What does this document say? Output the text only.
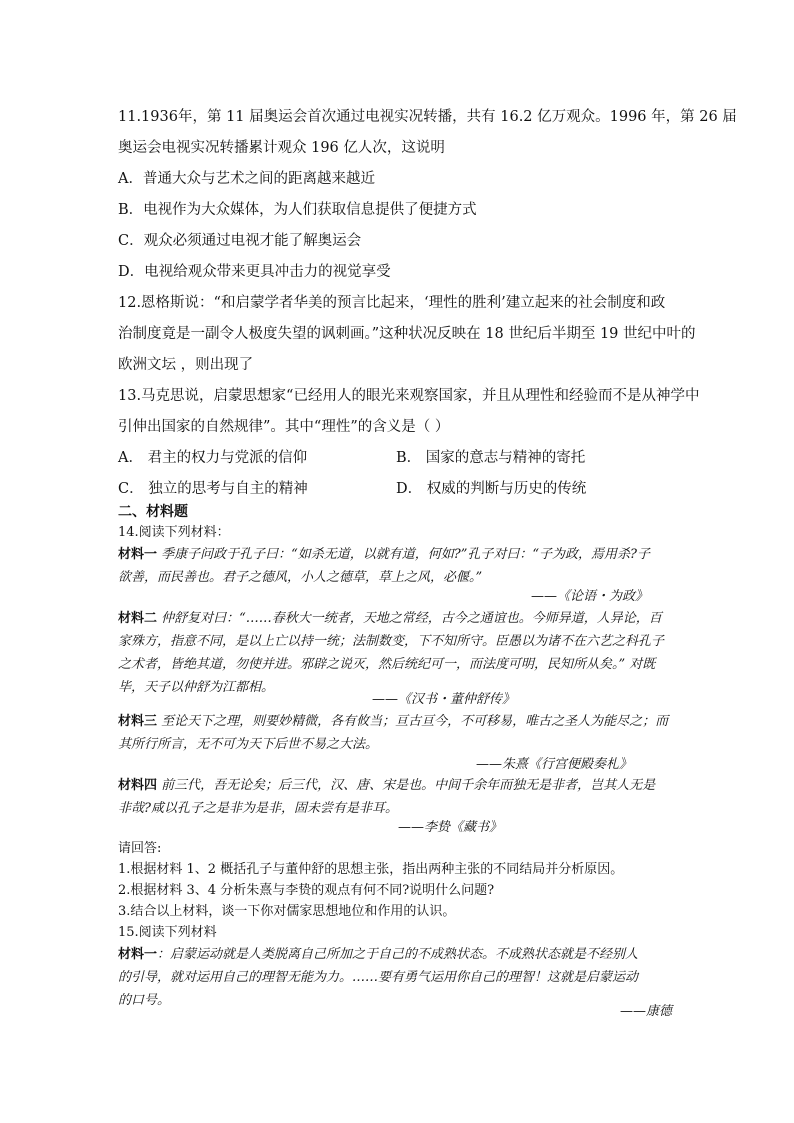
11.1936年，第 11 届奥运会首次通过电视实况转播，共有 16.2 亿万观众。1996 年，第 26 届
奥运会电视实况转播累计观众 196 亿人次，这说明
A．普通大众与艺术之间的距离越来越近
B．电视作为大众媒体，为人们获取信息提供了便捷方式
C．观众必须通过电视才能了解奥运会
D．电视给观众带来更具冲击力的视觉享受
12.恩格斯说：“和启蒙学者华美的预言比起来，‘理性的胜利’建立起来的社会制度和政
治制度竟是一副令人极度失望的讽刺画。”这种状况反映在 18 世纪后半期至 19 世纪中叶的
欧洲文坛 ，则出现了
13.马克思说，启蒙思想家“已经用人的眼光来观察国家，并且从理性和经验而不是从神学中
引伸出国家的自然规律”。其中“理性”的含义是（ ）
A． 君主的权力与党派的信仰	B． 国家的意志与精神的寄托
C． 独立的思考与自主的精神	D． 权威的判断与历史的传统
二、材料题
14.阅读下列材料：
材料一 季康子问政于孔子曰：“如杀无道，以就有道，何如?”孔子对曰：“子为政，焉用杀?子
欲善，而民善也。君子之德风，小人之德草，草上之风，必偃。”
——《论语・为政》
材料二 仲舒复对曰：“……春秋大一统者，天地之常经，古今之通谊也。今师异道，人异论，百
家殊方，指意不同，是以上亡以持一统；法制数变，下不知所守。臣愚以为诸不在六艺之科孔子
之术者，皆绝其道，勿使并进。邪辟之说灭，然后统纪可一，而法度可明，民知所从矣。” 对既
毕，天子以仲舒为江都相。
——《汉书・董仲舒传》
材料三 至论天下之理，则要妙精微，各有攸当；亘古亘今，不可移易，唯古之圣人为能尽之；而
其所行所言，无不可为天下后世不易之大法。
——朱熹《行宫便殿奏札》
材料四 前三代，吾无论矣；后三代，汉、唐、宋是也。中间千余年而独无是非者，岂其人无是
非哉?咸以孔子之是非为是非，固未尝有是非耳。
——李贽《藏书》
请回答:
1.根据材料 1、2 概括孔子与董仲舒的思想主张，指出两种主张的不同结局并分析原因。
2.根据材料 3、4 分析朱熹与李贽的观点有何不同?说明什么问题?
3.结合以上材料，谈一下你对儒家思想地位和作用的认识。
15.阅读下列材料
材料一：启蒙运动就是人类脱离自己所加之于自己的不成熟状态。不成熟状态就是不经别人
的引导，就对运用自己的理智无能为力。……要有勇气运用你自己的理智！这就是启蒙运动
的口号。
——康德
